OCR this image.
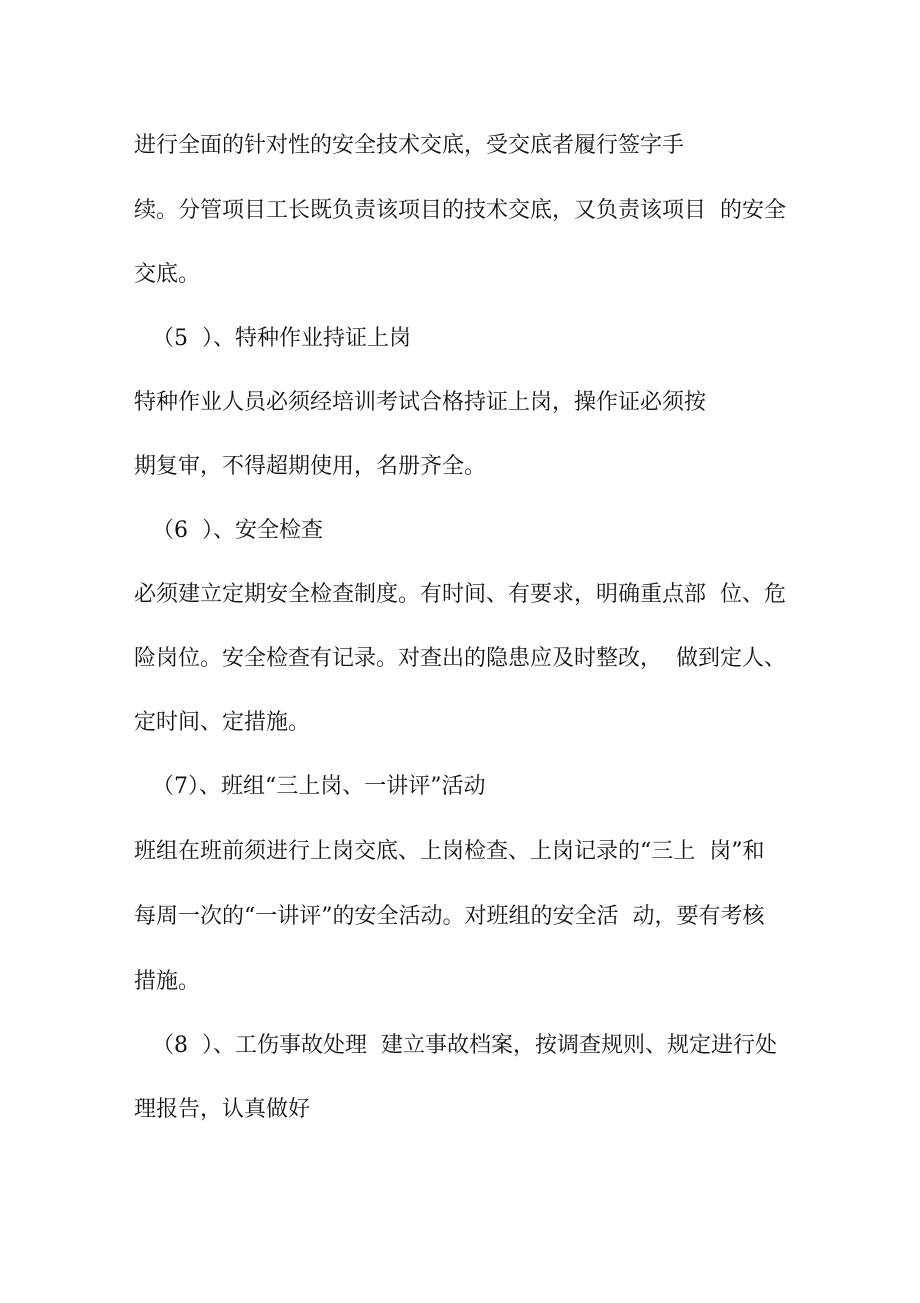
进行全面的针对性的安全技术交底，受交底者履行签字手
续。分管项目工长既负责该项目的技术交底，又负责该项目  的安全
交底。
（5  ）、特种作业持证上岗
特种作业人员必须经培训考试合格持证上岗，操作证必须按
期复审，不得超期使用，名册齐全。
（6  ）、安全检查
必须建立定期安全检查制度。有时间、有要求，明确重点部  位、危
险岗位。安全检查有记录。对查出的隐患应及时整改，  做到定人、
定时间、定措施。
（7）、班组“三上岗、一讲评”活动
班组在班前须进行上岗交底、上岗检查、上岗记录的“三上  岗”和
每周一次的“一讲评”的安全活动。对班组的安全活  动，要有考核
措施。
（8  ）、工伤事故处理  建立事故档案，按调查规则、规定进行处
理报告，认真做好
